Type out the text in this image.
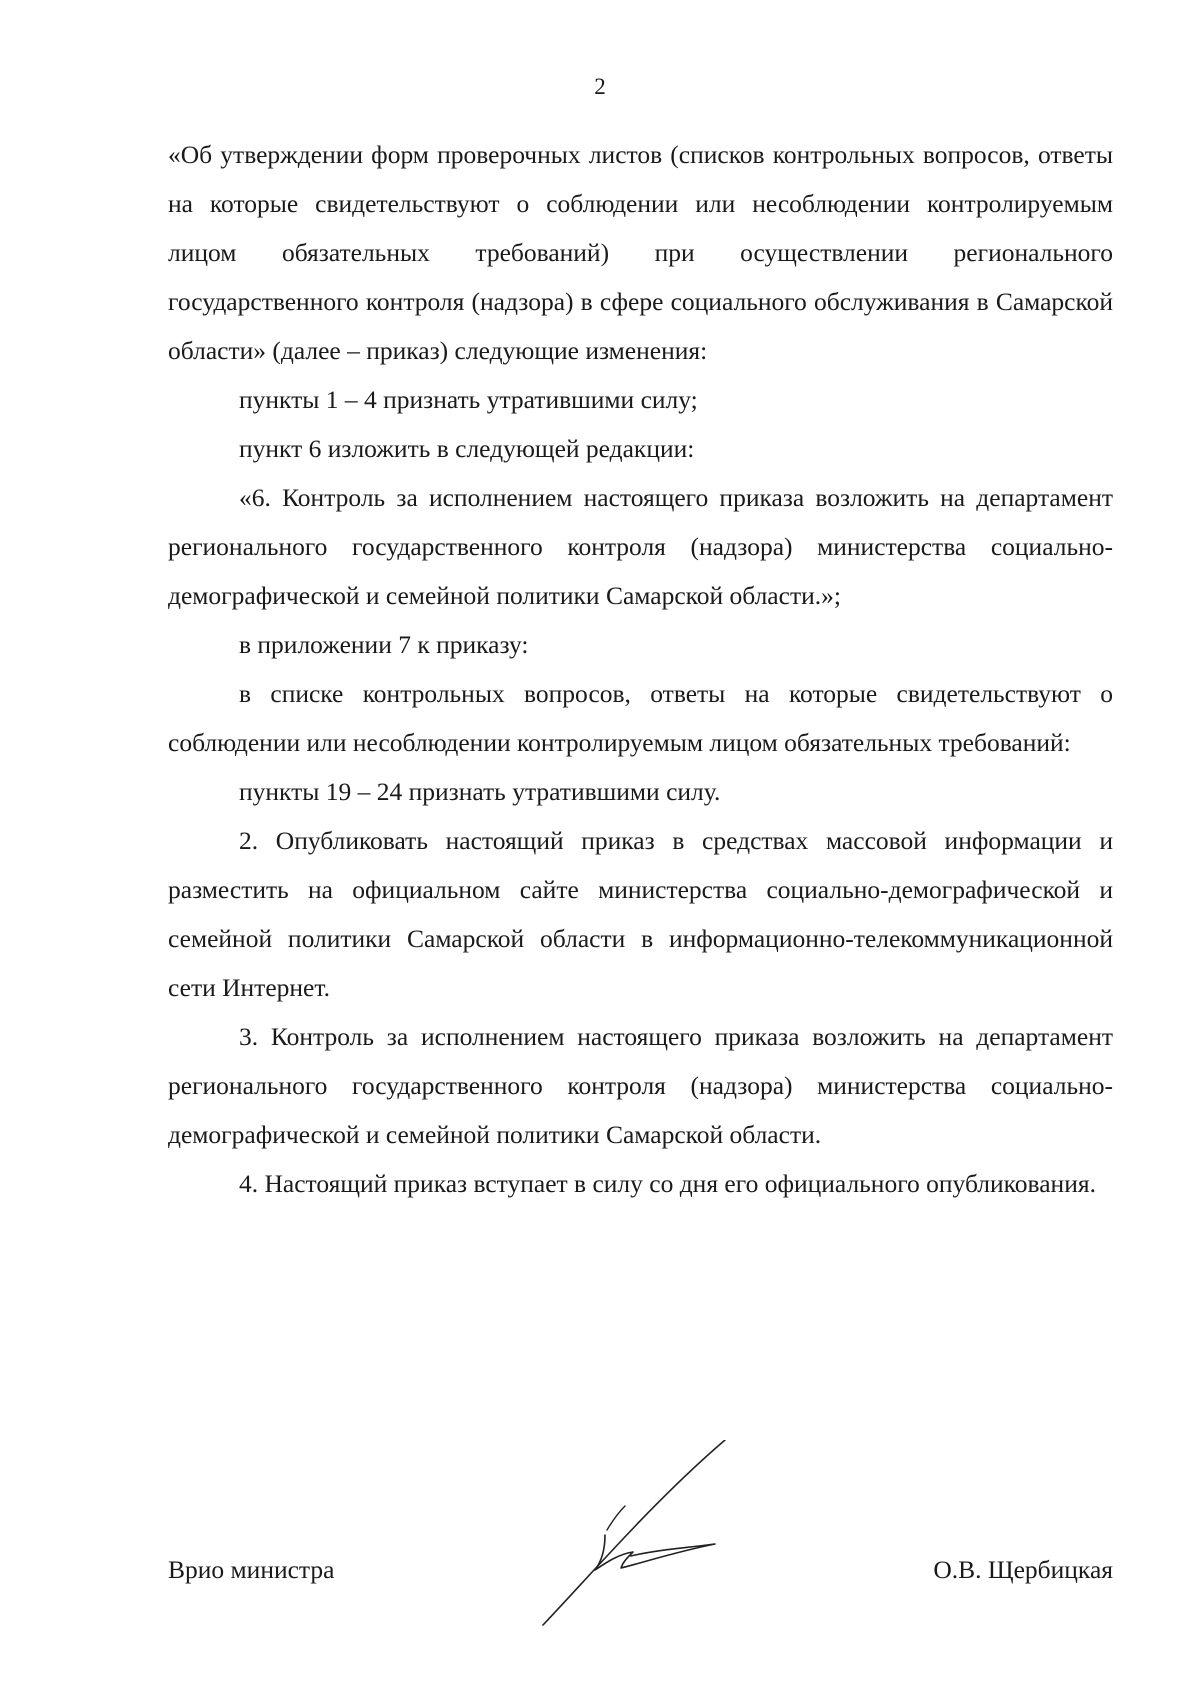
2

«Об утверждении форм проверочных листов (списков контрольных вопросов, ответы на которые свидетельствуют о соблюдении или несоблюдении контролируемым лицом обязательных требований) при осуществлении регионального государственного контроля (надзора) в сфере социального обслуживания в Самарской области» (далее – приказ) следующие изменения:

пункты 1 – 4 признать утратившими силу;

пункт 6 изложить в следующей редакции:

«6. Контроль за исполнением настоящего приказа возложить на департамент регионального государственного контроля (надзора) министерства социально-демографической и семейной политики Самарской области.»;

в приложении 7 к приказу:

в списке контрольных вопросов, ответы на которые свидетельствуют о соблюдении или несоблюдении контролируемым лицом обязательных требований:

пункты 19 – 24 признать утратившими силу.

2. Опубликовать настоящий приказ в средствах массовой информации и разместить на официальном сайте министерства социально-демографической и семейной политики Самарской области в информационно-телекоммуникационной сети Интернет.

3. Контроль за исполнением настоящего приказа возложить на департамент регионального государственного контроля (надзора) министерства социально-демографической и семейной политики Самарской области.

4. Настоящий приказ вступает в силу со дня его официального опубликования.

Врио министра	О.В. Щербицкая
